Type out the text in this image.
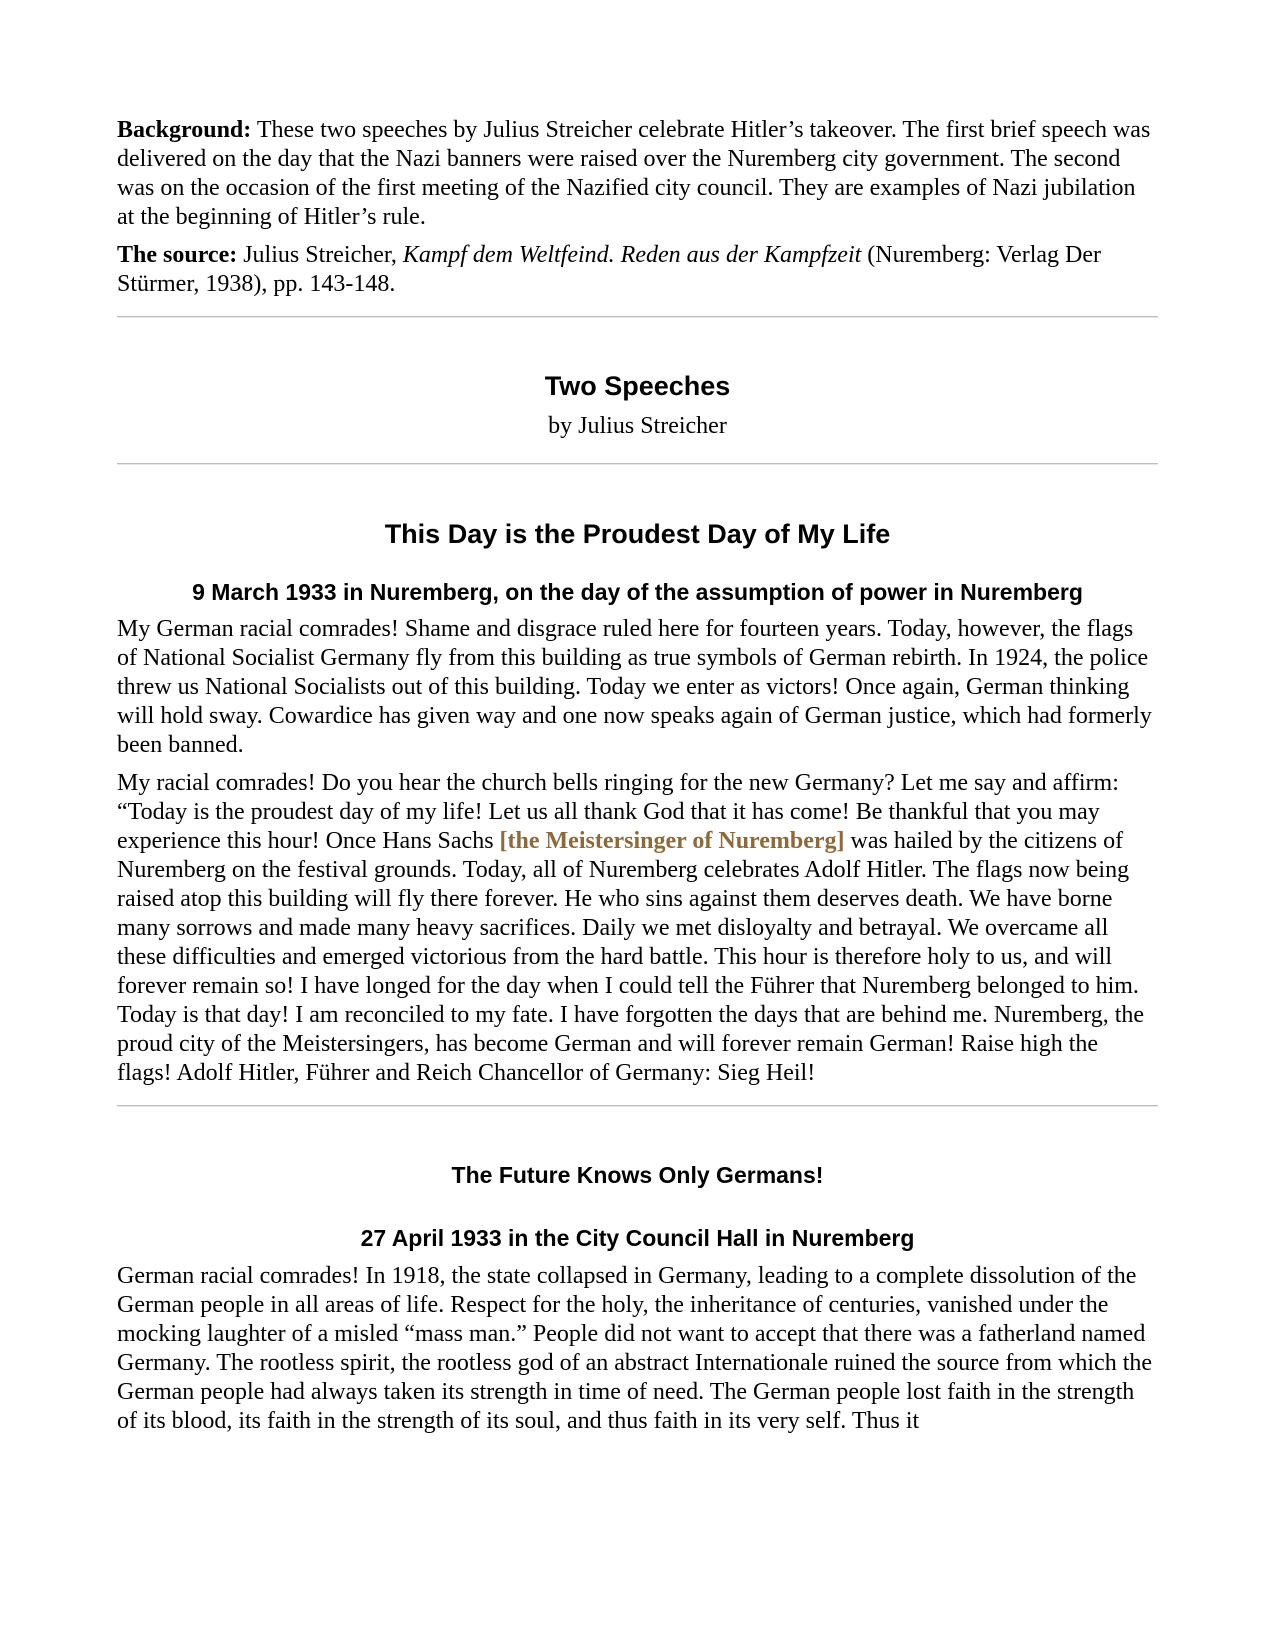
Background: These two speeches by Julius Streicher celebrate Hitler’s takeover. The first brief speech was delivered on the day that the Nazi banners were raised over the Nuremberg city government. The second was on the occasion of the first meeting of the Nazified city council. They are examples of Nazi jubilation at the beginning of Hitler’s rule.

The source: Julius Streicher, Kampf dem Weltfeind. Reden aus der Kampfzeit (Nuremberg: Verlag Der Stürmer, 1938), pp. 143-148.

Two Speeches

by Julius Streicher

This Day is the Proudest Day of My Life
9 March 1933 in Nuremberg, on the day of the assumption of power in Nuremberg

My German racial comrades! Shame and disgrace ruled here for fourteen years. Today, however, the flags of National Socialist Germany fly from this building as true symbols of German rebirth. In 1924, the police threw us National Socialists out of this building. Today we enter as victors! Once again, German thinking will hold sway. Cowardice has given way and one now speaks again of German justice, which had formerly been banned.

My racial comrades! Do you hear the church bells ringing for the new Germany? Let me say and affirm: “Today is the proudest day of my life! Let us all thank God that it has come! Be thankful that you may experience this hour! Once Hans Sachs [the Meistersinger of Nuremberg] was hailed by the citizens of Nuremberg on the festival grounds. Today, all of Nuremberg celebrates Adolf Hitler. The flags now being raised atop this building will fly there forever. He who sins against them deserves death. We have borne many sorrows and made many heavy sacrifices. Daily we met disloyalty and betrayal. We overcame all these difficulties and emerged victorious from the hard battle. This hour is therefore holy to us, and will forever remain so! I have longed for the day when I could tell the Führer that Nuremberg belonged to him. Today is that day! I am reconciled to my fate. I have forgotten the days that are behind me. Nuremberg, the proud city of the Meistersingers, has become German and will forever remain German! Raise high the flags! Adolf Hitler, Führer and Reich Chancellor of Germany: Sieg Heil!

The Future Knows Only Germans!
27 April 1933 in the City Council Hall in Nuremberg

German racial comrades! In 1918, the state collapsed in Germany, leading to a complete dissolution of the German people in all areas of life. Respect for the holy, the inheritance of centuries, vanished under the mocking laughter of a misled “mass man.” People did not want to accept that there was a fatherland named Germany. The rootless spirit, the rootless god of an abstract Internationale ruined the source from which the German people had always taken its strength in time of need. The German people lost faith in the strength of its blood, its faith in the strength of its soul, and thus faith in its very self. Thus it
